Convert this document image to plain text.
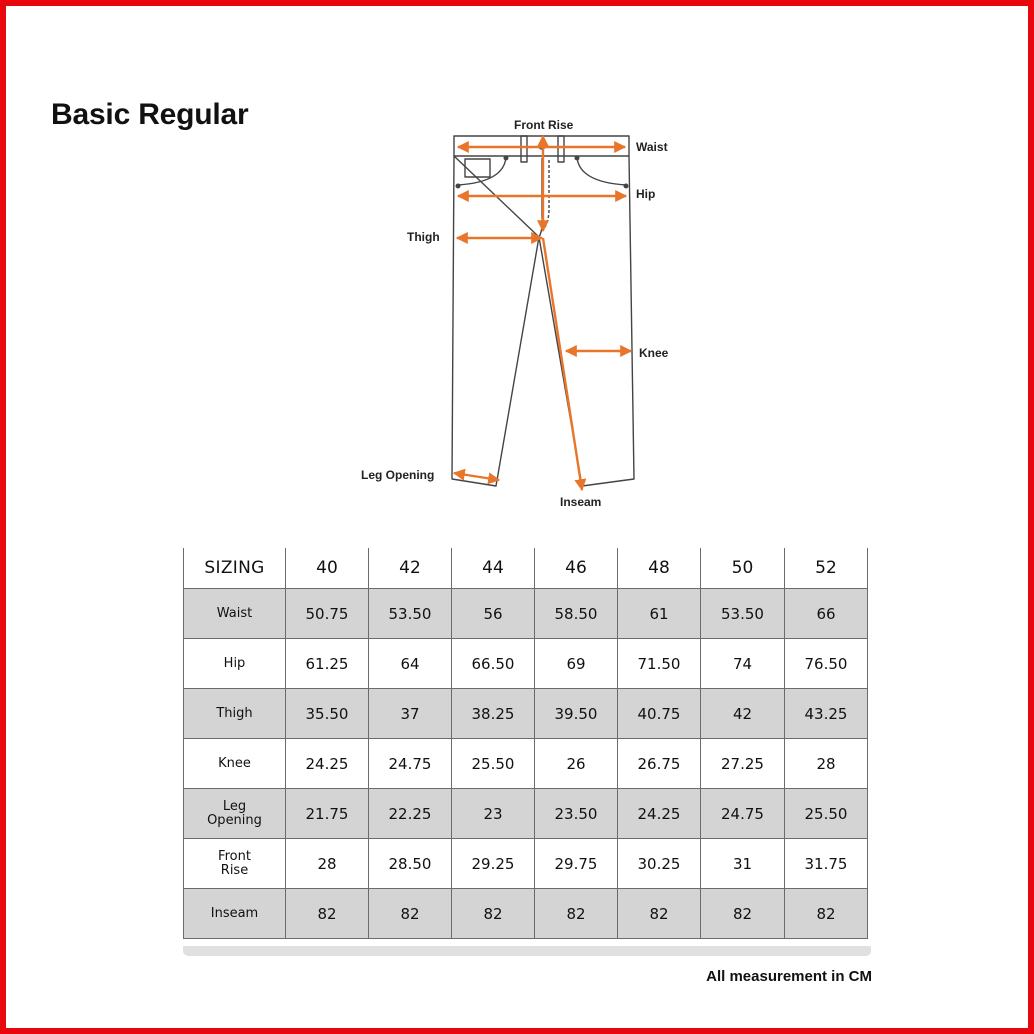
Basic Regular	Front Rise
Waist
Hip
Thigh
Knee
Leg Opening
Inseam
SIZING	40	42	44	46	48	50	52

Waist	50.75	53.50	56	58.50	61	53.50	66

Hip	61.25	64	66.50	69	71.50	74	76.50

Thigh	35.50	37	38.25	39.50	40.75	42	43.25

Knee	24.25	24.75	25.50	26	26.75	27.25	28

Leg
Opening	21.75	22.25	23	23.50	24.25	24.75	25.50

Front
Rise	28	28.50	29.25	29.75	30.25	31	31.75

Inseam	82	82	82	82	82	82	82
All measurement in CM
